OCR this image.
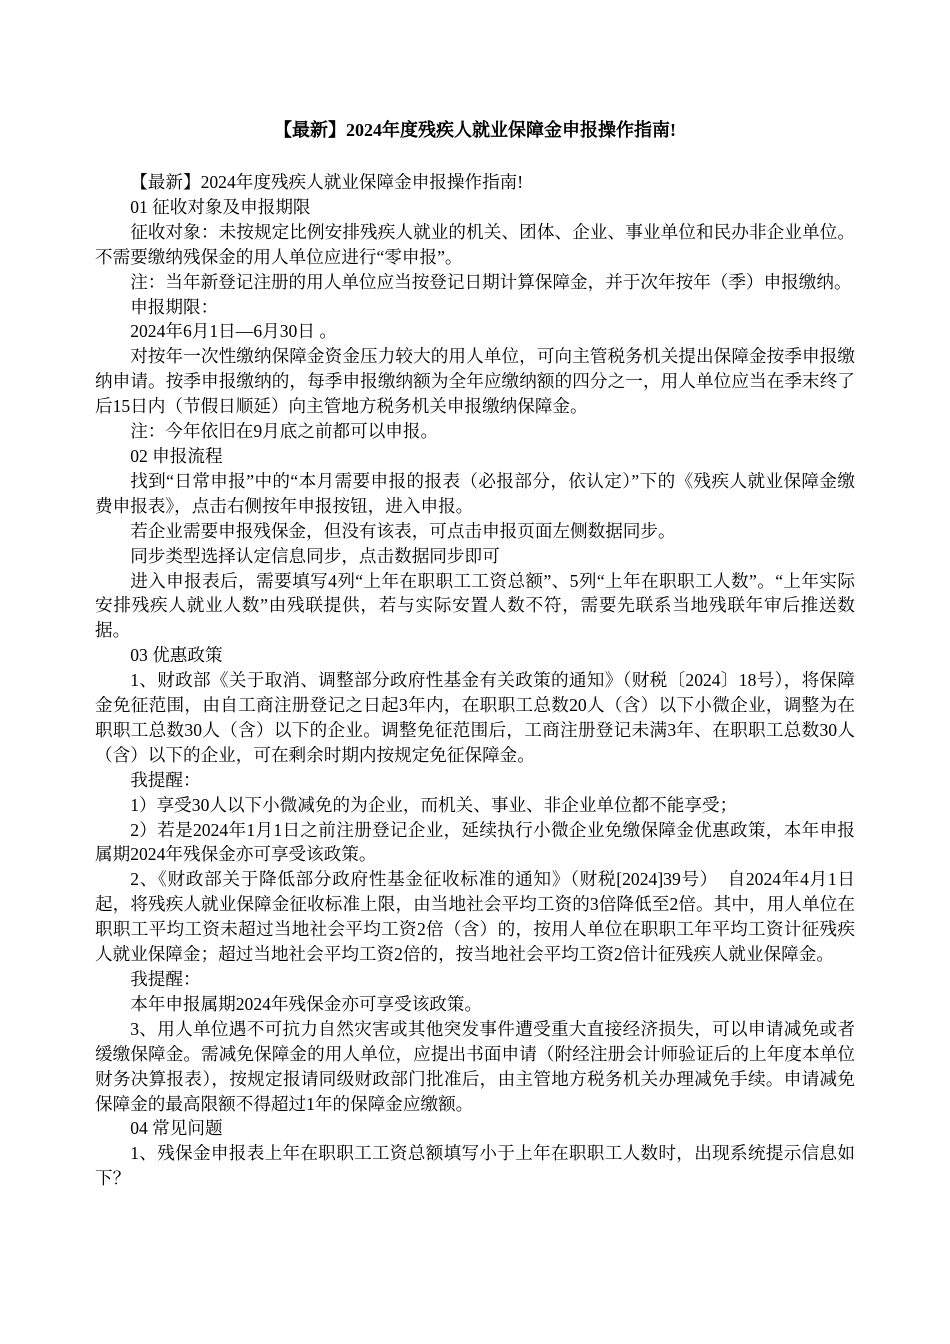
【最新】2024年度残疾人就业保障金申报操作指南!

【最新】2024年度残疾人就业保障金申报操作指南!

01 征收对象及申报期限

征收对象：未按规定比例安排残疾人就业的机关、团体、企业、事业单位和民办非企业单位。不需要缴纳残保金的用人单位应进行“零申报”。

注：当年新登记注册的用人单位应当按登记日期计算保障金，并于次年按年（季）申报缴纳。

申报期限：

2024年6月1日—6月30日 。

对按年一次性缴纳保障金资金压力较大的用人单位，可向主管税务机关提出保障金按季申报缴纳申请。按季申报缴纳的，每季申报缴纳额为全年应缴纳额的四分之一，用人单位应当在季末终了后15日内（节假日顺延）向主管地方税务机关申报缴纳保障金。

注：今年依旧在9月底之前都可以申报。

02 申报流程

找到“日常申报”中的“本月需要申报的报表（必报部分，依认定）”下的《残疾人就业保障金缴费申报表》，点击右侧按年申报按钮，进入申报。

若企业需要申报残保金，但没有该表，可点击申报页面左侧数据同步。

同步类型选择认定信息同步，点击数据同步即可

进入申报表后，需要填写4列“上年在职职工工资总额”、5列“上年在职职工人数”。“上年实际安排残疾人就业人数”由残联提供，若与实际安置人数不符，需要先联系当地残联年审后推送数据。

03 优惠政策

1、财政部《关于取消、调整部分政府性基金有关政策的通知》（财税〔2024〕18号），将保障金免征范围，由自工商注册登记之日起3年内，在职职工总数20人（含）以下小微企业，调整为在职职工总数30人（含）以下的企业。调整免征范围后，工商注册登记未满3年、在职职工总数30人（含）以下的企业，可在剩余时期内按规定免征保障金。

我提醒：

1）享受30人以下小微减免的为企业，而机关、事业、非企业单位都不能享受；

2）若是2024年1月1日之前注册登记企业，延续执行小微企业免缴保障金优惠政策，本年申报属期2024年残保金亦可享受该政策。

2、《财政部关于降低部分政府性基金征收标准的通知》（财税[2024]39号）　自2024年4月1日起，将残疾人就业保障金征收标准上限，由当地社会平均工资的3倍降低至2倍。其中，用人单位在职职工平均工资未超过当地社会平均工资2倍（含）的，按用人单位在职职工年平均工资计征残疾人就业保障金；超过当地社会平均工资2倍的，按当地社会平均工资2倍计征残疾人就业保障金。

我提醒：

本年申报属期2024年残保金亦可享受该政策。

3、用人单位遇不可抗力自然灾害或其他突发事件遭受重大直接经济损失，可以申请减免或者缓缴保障金。需减免保障金的用人单位，应提出书面申请（附经注册会计师验证后的上年度本单位财务决算报表），按规定报请同级财政部门批准后，由主管地方税务机关办理减免手续。申请减免保障金的最高限额不得超过1年的保障金应缴额。

04 常见问题

1、残保金申报表上年在职职工工资总额填写小于上年在职职工人数时，出现系统提示信息如下？
